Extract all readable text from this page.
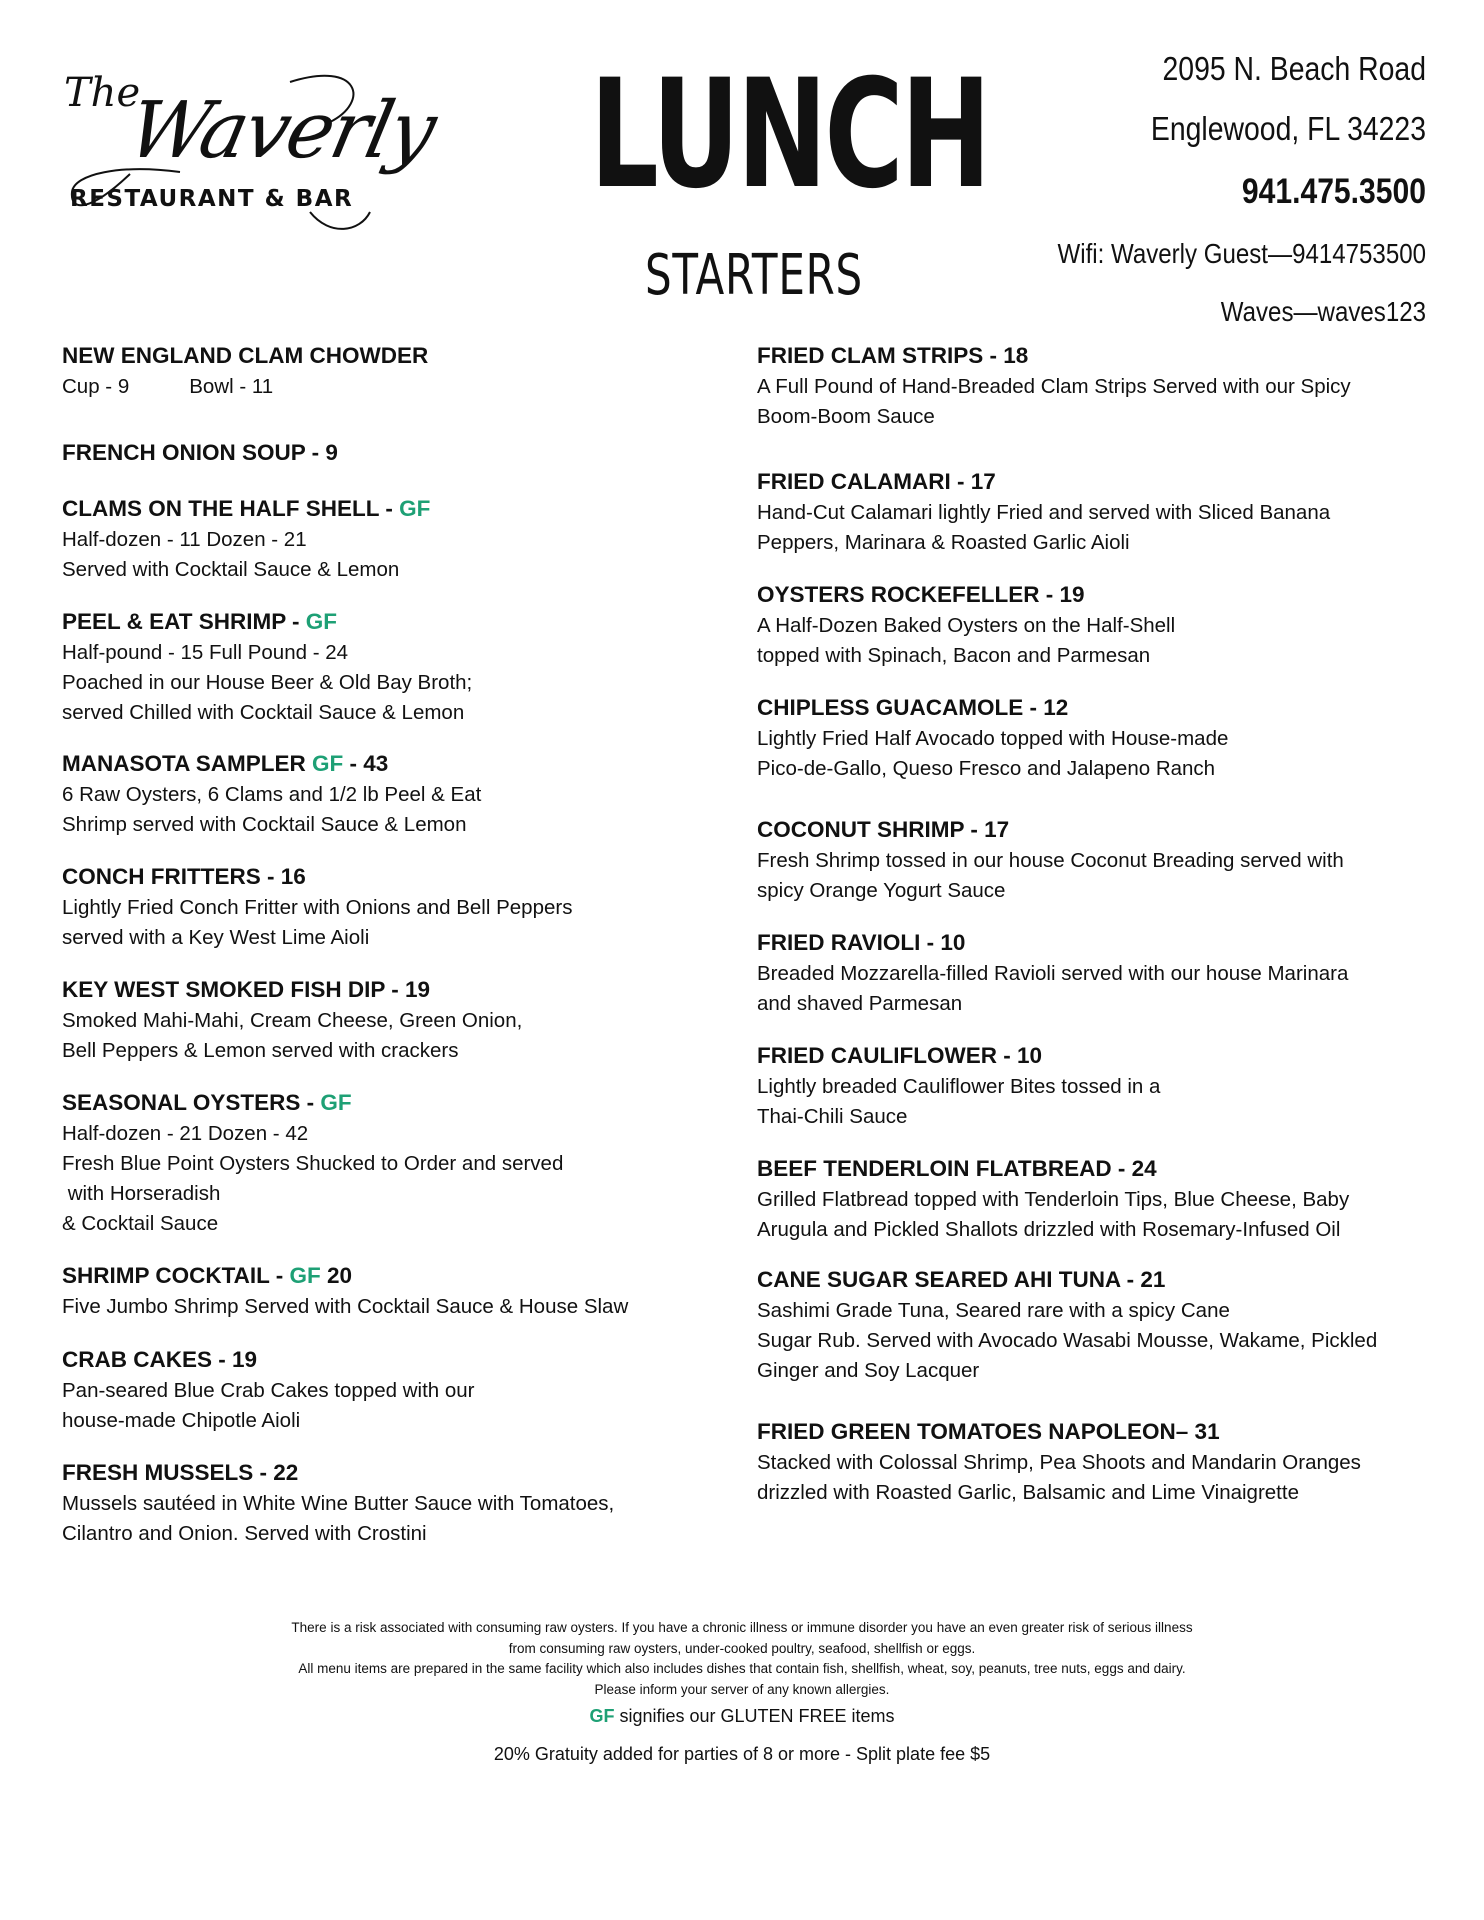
The
Waverly
RESTAURANT & BAR LUNCH
STARTERS
2095 N. Beach Road
Englewood, FL 34223
941.475.3500
Wifi: Waverly Guest—9414753500
Waves—waves123
NEW ENGLAND CLAM CHOWDER
Cup - 9	Bowl - 11
FRENCH ONION SOUP - 9
CLAMS ON THE HALF SHELL - GF
Half-dozen - 11 Dozen - 21
Served with Cocktail Sauce & Lemon
PEEL & EAT SHRIMP - GF
Half-pound - 15 Full Pound - 24
Poached in our House Beer & Old Bay Broth;
served Chilled with Cocktail Sauce & Lemon
MANASOTA SAMPLER GF - 43
6 Raw Oysters, 6 Clams and 1/2 lb Peel & Eat
Shrimp served with Cocktail Sauce & Lemon
CONCH FRITTERS - 16
Lightly Fried Conch Fritter with Onions and Bell Peppers
served with a Key West Lime Aioli
KEY WEST SMOKED FISH DIP - 19
Smoked Mahi-Mahi, Cream Cheese, Green Onion,
Bell Peppers & Lemon served with crackers
SEASONAL OYSTERS - GF
Half-dozen - 21 Dozen - 42
Fresh Blue Point Oysters Shucked to Order and served
with Horseradish
& Cocktail Sauce
SHRIMP COCKTAIL - GF 20
Five Jumbo Shrimp Served with Cocktail Sauce & House Slaw
CRAB CAKES - 19
Pan-seared Blue Crab Cakes topped with our
house-made Chipotle Aioli
FRESH MUSSELS - 22
Mussels sautéed in White Wine Butter Sauce with Tomatoes,
Cilantro and Onion. Served with Crostini
FRIED CLAM STRIPS - 18
A Full Pound of Hand-Breaded Clam Strips Served with our Spicy
Boom-Boom Sauce
FRIED CALAMARI - 17
Hand-Cut Calamari lightly Fried and served with Sliced Banana
Peppers, Marinara & Roasted Garlic Aioli
OYSTERS ROCKEFELLER - 19
A Half-Dozen Baked Oysters on the Half-Shell
topped with Spinach, Bacon and Parmesan
CHIPLESS GUACAMOLE - 12
Lightly Fried Half Avocado topped with House-made
Pico-de-Gallo, Queso Fresco and Jalapeno Ranch
COCONUT SHRIMP - 17
Fresh Shrimp tossed in our house Coconut Breading served with
spicy Orange Yogurt Sauce
FRIED RAVIOLI - 10
Breaded Mozzarella-filled Ravioli served with our house Marinara
and shaved Parmesan
FRIED CAULIFLOWER - 10
Lightly breaded Cauliflower Bites tossed in a
Thai-Chili Sauce
BEEF TENDERLOIN FLATBREAD - 24
Grilled Flatbread topped with Tenderloin Tips, Blue Cheese, Baby
Arugula and Pickled Shallots drizzled with Rosemary-Infused Oil
CANE SUGAR SEARED AHI TUNA - 21
Sashimi Grade Tuna, Seared rare with a spicy Cane
Sugar Rub. Served with Avocado Wasabi Mousse, Wakame, Pickled
Ginger and Soy Lacquer
FRIED GREEN TOMATOES NAPOLEON– 31
Stacked with Colossal Shrimp, Pea Shoots and Mandarin Oranges
drizzled with Roasted Garlic, Balsamic and Lime Vinaigrette
There is a risk associated with consuming raw oysters. If you have a chronic illness or immune disorder you have an even greater risk of serious illness
from consuming raw oysters, under-cooked poultry, seafood, shellfish or eggs.
All menu items are prepared in the same facility which also includes dishes that contain fish, shellfish, wheat, soy, peanuts, tree nuts, eggs and dairy.
Please inform your server of any known allergies.
GF signifies our GLUTEN FREE items
20% Gratuity added for parties of 8 or more - Split plate fee $5
